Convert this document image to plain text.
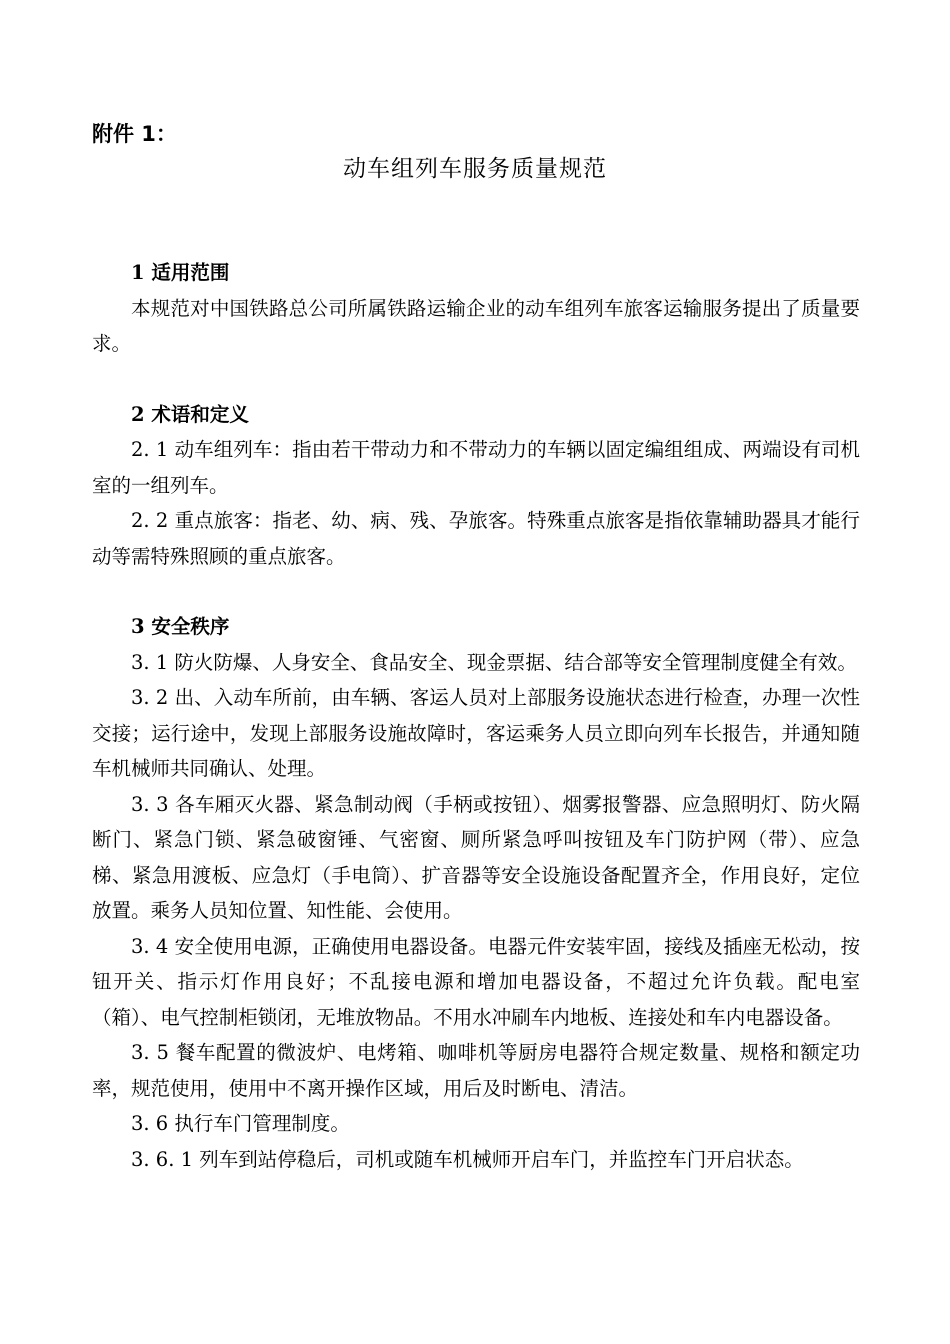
附件 1：
动车组列车服务质量规范
1 适用范围

本规范对中国铁路总公司所属铁路运输企业的动车组列车旅客运输服务提出了质量要求。

2 术语和定义

2. 1 动车组列车：指由若干带动力和不带动力的车辆以固定编组组成、两端设有司机室的一组列车。

2. 2 重点旅客：指老、幼、病、残、孕旅客。特殊重点旅客是指依靠辅助器具才能行动等需特殊照顾的重点旅客。

3 安全秩序

3. 1 防火防爆、人身安全、食品安全、现金票据、结合部等安全管理制度健全有效。

3. 2 出、入动车所前，由车辆、客运人员对上部服务设施状态进行检查，办理一次性交接；运行途中，发现上部服务设施故障时，客运乘务人员立即向列车长报告，并通知随车机械师共同确认、处理。

3. 3 各车厢灭火器、紧急制动阀（手柄或按钮）、烟雾报警器、应急照明灯、防火隔断门、紧急门锁、紧急破窗锤、气密窗、厕所紧急呼叫按钮及车门防护网（带）、应急梯、紧急用渡板、应急灯（手电筒）、扩音器等安全设施设备配置齐全，作用良好，定位放置。乘务人员知位置、知性能、会使用。

3. 4 安全使用电源，正确使用电器设备。电器元件安装牢固，接线及插座无松动，按钮开关、指示灯作用良好；不乱接电源和增加电器设备，不超过允许负载。配电室（箱）、电气控制柜锁闭，无堆放物品。不用水冲刷车内地板、连接处和车内电器设备。

3. 5 餐车配置的微波炉、电烤箱、咖啡机等厨房电器符合规定数量、规格和额定功率，规范使用，使用中不离开操作区域，用后及时断电、清洁。

3. 6 执行车门管理制度。

3. 6. 1 列车到站停稳后，司机或随车机械师开启车门，并监控车门开启状态。
